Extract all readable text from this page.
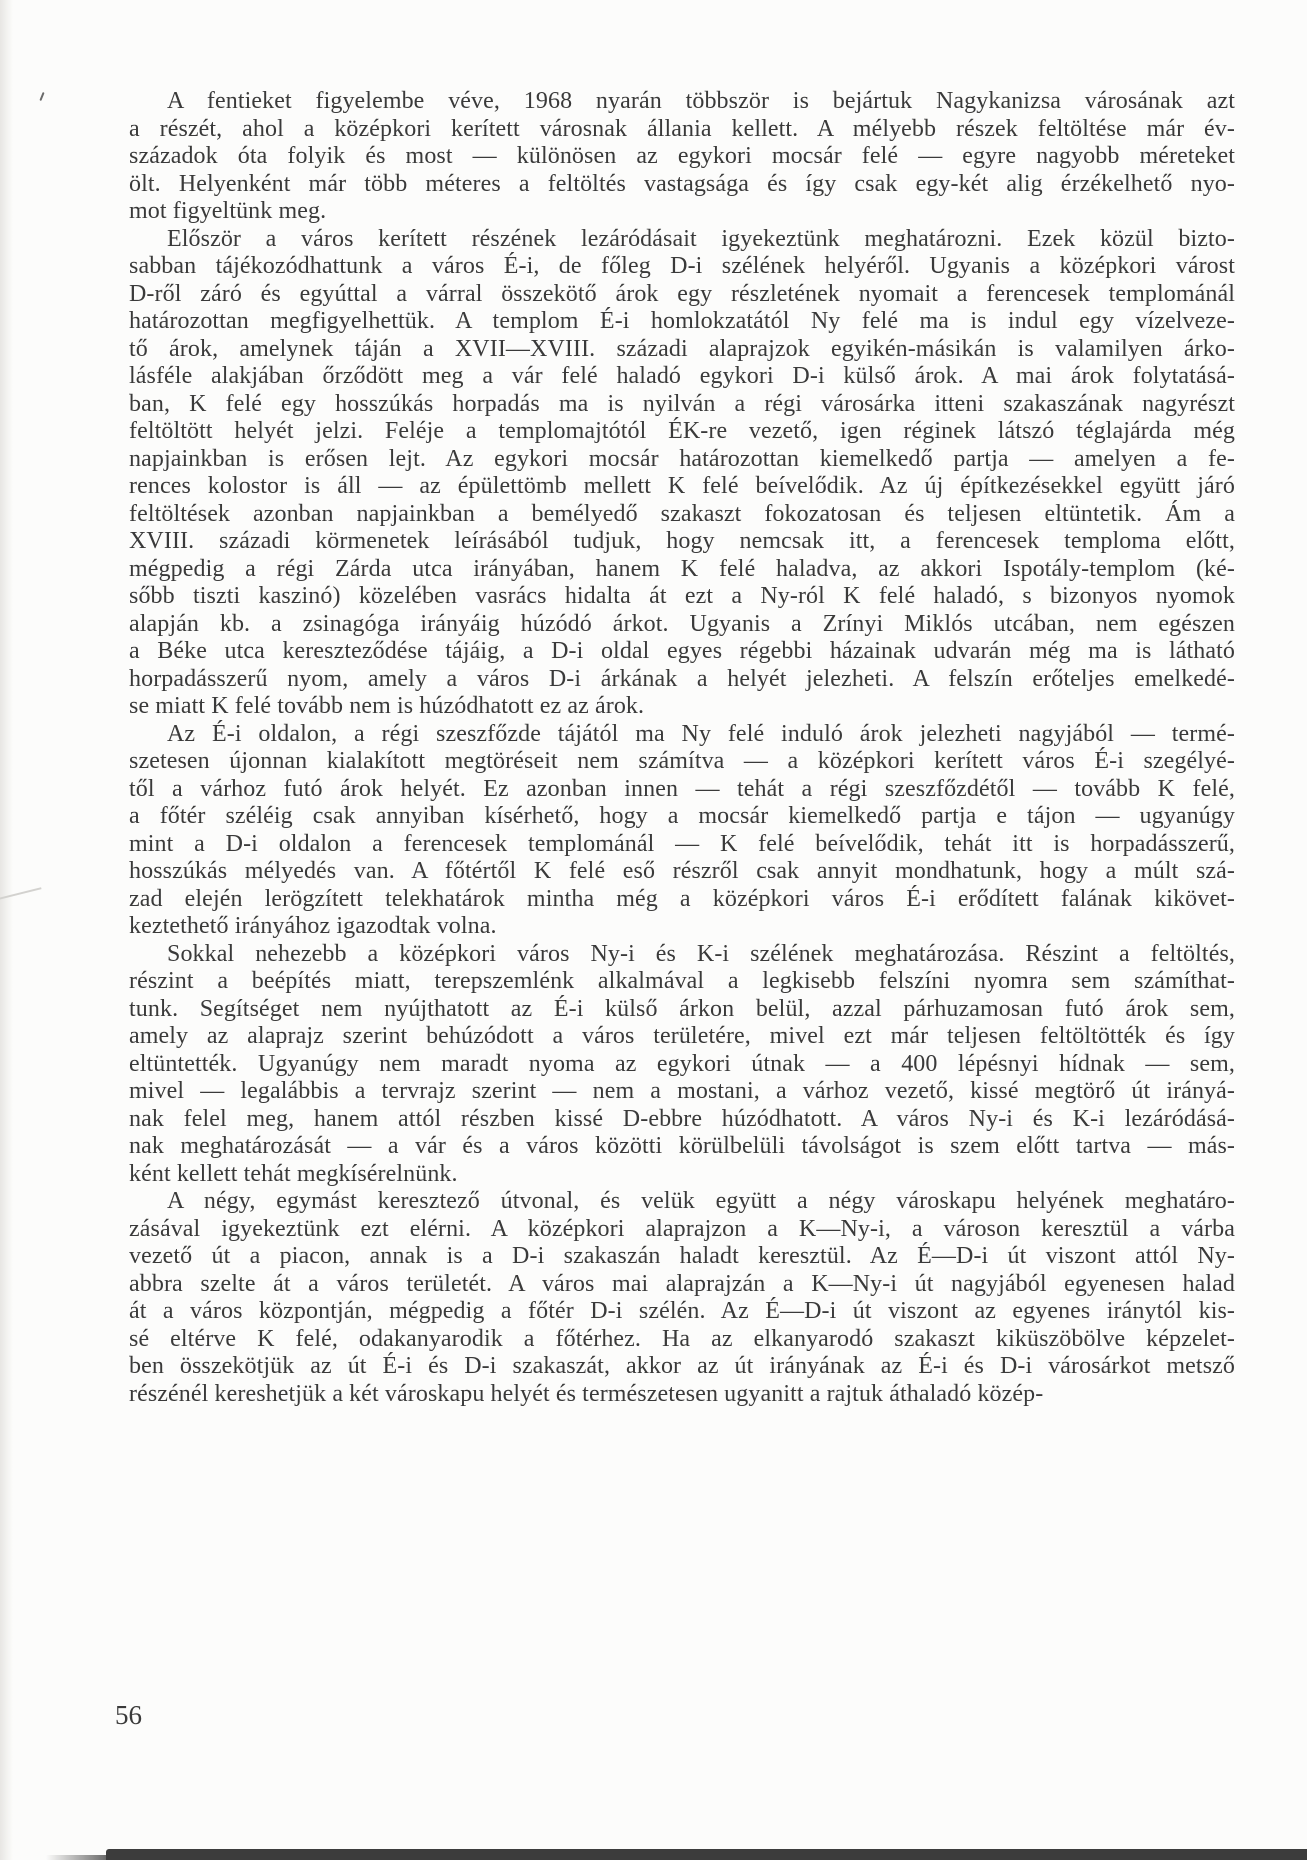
A fentieket figyelembe véve, 1968 nyarán többször is bejártuk Nagykanizsa városának azt
a részét, ahol a középkori kerített városnak állania kellett. A mélyebb részek feltöltése már év-
századok óta folyik és most — különösen az egykori mocsár felé — egyre nagyobb méreteket
ölt. Helyenként már több méteres a feltöltés vastagsága és így csak egy-két alig érzékelhető nyo-
mot figyeltünk meg.
Először a város kerített részének lezáródásait igyekeztünk meghatározni. Ezek közül bizto-
sabban tájékozódhattunk a város É-i, de főleg D-i szélének helyéről. Ugyanis a középkori várost
D-ről záró és egyúttal a várral összekötő árok egy részletének nyomait a ferencesek templománál
határozottan megfigyelhettük. A templom É-i homlokzatától Ny felé ma is indul egy vízelveze-
tő árok, amelynek táján a XVII—XVIII. századi alaprajzok egyikén-másikán is valamilyen árko-
lásféle alakjában őrződött meg a vár felé haladó egykori D-i külső árok. A mai árok folytatásá-
ban, K felé egy hosszúkás horpadás ma is nyilván a régi városárka itteni szakaszának nagyrészt
feltöltött helyét jelzi. Feléje a templomajtótól ÉK-re vezető, igen réginek látszó téglajárda még
napjainkban is erősen lejt. Az egykori mocsár határozottan kiemelkedő partja — amelyen a fe-
rences kolostor is áll — az épülettömb mellett K felé beívelődik. Az új építkezésekkel együtt járó
feltöltések azonban napjainkban a bemélyedő szakaszt fokozatosan és teljesen eltüntetik. Ám a
XVIII. századi körmenetek leírásából tudjuk, hogy nemcsak itt, a ferencesek temploma előtt,
mégpedig a régi Zárda utca irányában, hanem K felé haladva, az akkori Ispotály-templom (ké-
sőbb tiszti kaszinó) közelében vasrács hidalta át ezt a Ny-ról K felé haladó, s bizonyos nyomok
alapján kb. a zsinagóga irányáig húzódó árkot. Ugyanis a Zrínyi Miklós utcában, nem egészen
a Béke utca kereszteződése tájáig, a D-i oldal egyes régebbi házainak udvarán még ma is látható
horpadásszerű nyom, amely a város D-i árkának a helyét jelezheti. A felszín erőteljes emelkedé-
se miatt K felé tovább nem is húzódhatott ez az árok.
Az É-i oldalon, a régi szeszfőzde tájától ma Ny felé induló árok jelezheti nagyjából — termé-
szetesen újonnan kialakított megtöréseit nem számítva — a középkori kerített város É-i szegélyé-
től a várhoz futó árok helyét. Ez azonban innen — tehát a régi szeszfőzdétől — tovább K felé,
a főtér széléig csak annyiban kísérhető, hogy a mocsár kiemelkedő partja e tájon — ugyanúgy
mint a D-i oldalon a ferencesek templománál — K felé beívelődik, tehát itt is horpadásszerű,
hosszúkás mélyedés van. A főtértől K felé eső részről csak annyit mondhatunk, hogy a múlt szá-
zad elején lerögzített telekhatárok mintha még a középkori város É-i erődített falának kikövet-
keztethető irányához igazodtak volna.
Sokkal nehezebb a középkori város Ny-i és K-i szélének meghatározása. Részint a feltöltés,
részint a beépítés miatt, terepszemlénk alkalmával a legkisebb felszíni nyomra sem számíthat-
tunk. Segítséget nem nyújthatott az É-i külső árkon belül, azzal párhuzamosan futó árok sem,
amely az alaprajz szerint behúzódott a város területére, mivel ezt már teljesen feltöltötték és így
eltüntették. Ugyanúgy nem maradt nyoma az egykori útnak — a 400 lépésnyi hídnak — sem,
mivel — legalábbis a tervrajz szerint — nem a mostani, a várhoz vezető, kissé megtörő út irányá-
nak felel meg, hanem attól részben kissé D-ebbre húzódhatott. A város Ny-i és K-i lezáródásá-
nak meghatározását — a vár és a város közötti körülbelüli távolságot is szem előtt tartva — más-
ként kellett tehát megkísérelnünk.
A négy, egymást keresztező útvonal, és velük együtt a négy városkapu helyének meghatáro-
zásával igyekeztünk ezt elérni. A középkori alaprajzon a K—Ny-i, a városon keresztül a várba
vezető út a piacon, annak is a D-i szakaszán haladt keresztül. Az É—D-i út viszont attól Ny-
abbra szelte át a város területét. A város mai alaprajzán a K—Ny-i út nagyjából egyenesen halad
át a város központján, mégpedig a főtér D-i szélén. Az É—D-i út viszont az egyenes iránytól kis-
sé eltérve K felé, odakanyarodik a főtérhez. Ha az elkanyarodó szakaszt kiküszöbölve képzelet-
ben összekötjük az út É-i és D-i szakaszát, akkor az út irányának az É-i és D-i városárkot metsző
részénél kereshetjük a két városkapu helyét és természetesen ugyanitt a rajtuk áthaladó közép-
56
